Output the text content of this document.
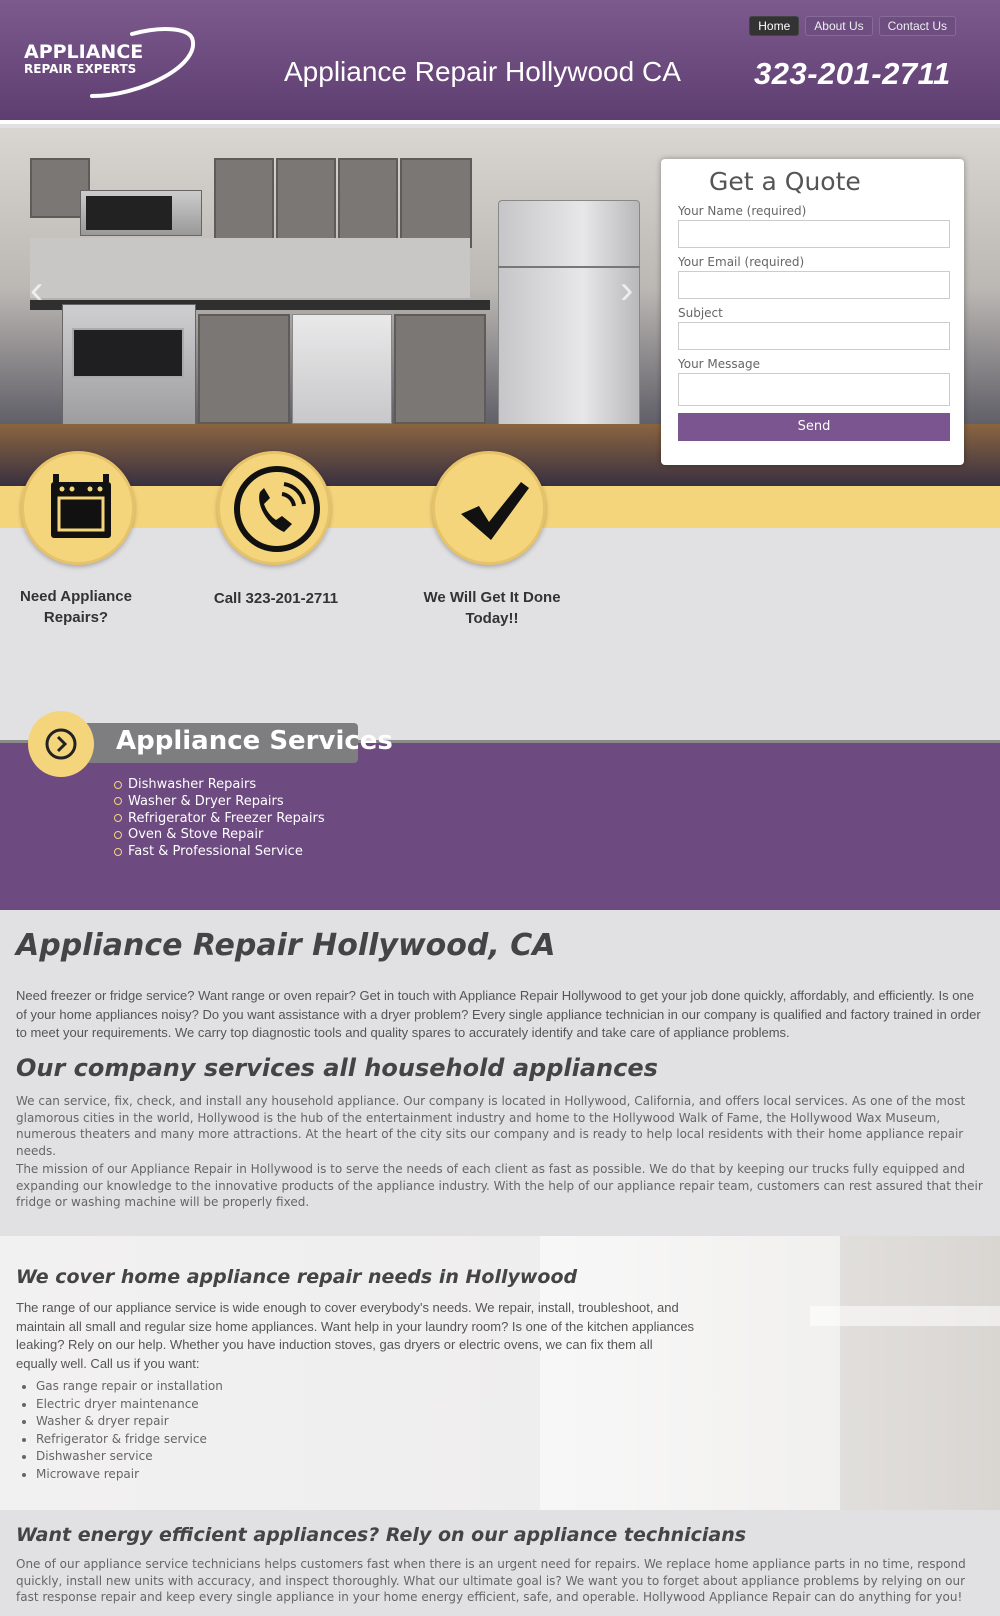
APPLIANCE
REPAIR EXPERTS	Appliance Repair Hollywood CA 323-201-2711
Home	About Us	Contact Us
‹	›
Get a Quote
Your Name (required)
Your Email (required)
Subject
Your Message
Send
Need Appliance Repairs?
Call 323-201-2711	We Will Get It Done Today!!
Dishwasher Repairs
Washer & Dryer Repairs
Refrigerator & Freezer Repairs
Oven & Stove Repair
Fast & Professional Service
Appliance Services
Appliance Repair Hollywood, CA
Need freezer or fridge service? Want range or oven repair? Get in touch with Appliance Repair Hollywood to get your job done quickly, affordably, and efficiently. Is one of your home appliances noisy? Do you want assistance with a dryer problem? Every single appliance technician in our company is qualified and factory trained in order to meet your requirements. We carry top diagnostic tools and quality spares to accurately identify and take care of appliance problems.
Our company services all household appliances
We can service, fix, check, and install any household appliance. Our company is located in Hollywood, California, and offers local services. As one of the most glamorous cities in the world, Hollywood is the hub of the entertainment industry and home to the Hollywood Walk of Fame, the Hollywood Wax Museum, numerous theaters and many more attractions. At the heart of the city sits our company and is ready to help local residents with their home appliance repair needs.
The mission of our Appliance Repair in Hollywood is to serve the needs of each client as fast as possible. We do that by keeping our trucks fully equipped and expanding our knowledge to the innovative products of the appliance industry. With the help of our appliance repair team, customers can rest assured that their fridge or washing machine will be properly fixed.
We cover home appliance repair needs in Hollywood
The range of our appliance service is wide enough to cover everybody's needs. We repair, install, troubleshoot, and maintain all small and regular size home appliances. Want help in your laundry room? Is one of the kitchen appliances leaking? Rely on our help. Whether you have induction stoves, gas dryers or electric ovens, we can fix them all equally well. Call us if you want:
• Gas range repair or installation
• Electric dryer maintenance
• Washer & dryer repair
• Refrigerator & fridge service
• Dishwasher service
• Microwave repair
Want energy efficient appliances? Rely on our appliance technicians
One of our appliance service technicians helps customers fast when there is an urgent need for repairs. We replace home appliance parts in no time, respond quickly, install new units with accuracy, and inspect thoroughly. What our ultimate goal is? We want you to forget about appliance problems by relying on our fast response repair and keep every single appliance in your home energy efficient, safe, and operable. Hollywood Appliance Repair can do anything for you!
